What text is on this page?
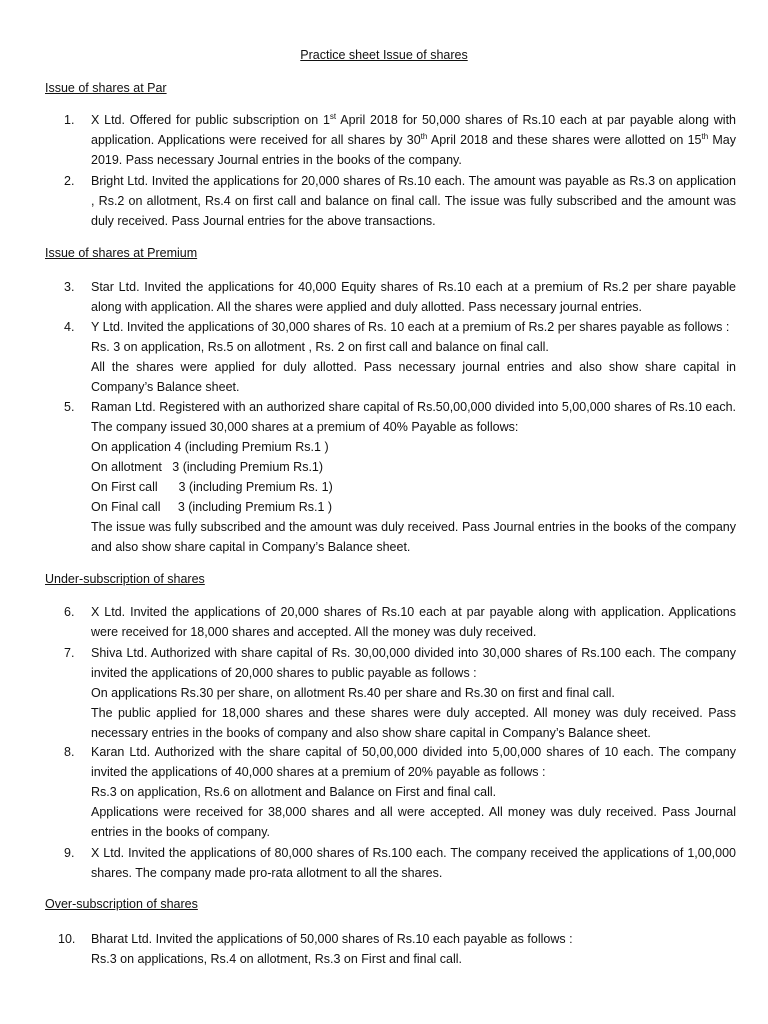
Practice sheet Issue of shares
Issue of shares at Par
1.	X Ltd. Offered for public subscription on 1st April 2018 for 50,000 shares of Rs.10 each at par payable along with application. Applications were received for all shares by 30th April 2018 and these shares were allotted on 15th May 2019. Pass necessary Journal entries in the books of the company.

2.	Bright Ltd. Invited the applications for 20,000 shares of Rs.10 each. The amount was payable as Rs.3 on application , Rs.2 on allotment, Rs.4 on first call and balance on final call. The issue was fully subscribed and the amount was duly received. Pass Journal entries for the above transactions.

Issue of shares at Premium
3.	Star Ltd. Invited the applications for 40,000 Equity shares of Rs.10 each at a premium of Rs.2 per share payable along with application. All the shares were applied and duly allotted. Pass necessary journal entries.

4.	Y Ltd. Invited the applications of 30,000 shares of Rs. 10 each at a premium of Rs.2 per shares payable as follows :

Rs. 3 on application, Rs.5 on allotment , Rs. 2 on first call and balance on final call.

All the shares were applied for duly allotted. Pass necessary journal entries and also show share capital in Company’s Balance sheet.

5.	Raman Ltd. Registered with an authorized share capital of Rs.50,00,000 divided into 5,00,000 shares of Rs.10 each. The company issued 30,000 shares at a premium of 40% Payable as follows:

On application 4 (including Premium Rs.1 )

On allotment   3 (including Premium Rs.1)

On First call      3 (including Premium Rs. 1)

On Final call     3 (including Premium Rs.1 )

The issue was fully subscribed and the amount was duly received. Pass Journal entries in the books of the company and also show share capital in Company’s Balance sheet.

Under-subscription of shares
6.	X Ltd. Invited the applications of 20,000 shares of Rs.10 each at par payable along with application. Applications were received for 18,000 shares and accepted. All the money was duly received.

7.	Shiva Ltd. Authorized with share capital of Rs. 30,00,000 divided into 30,000 shares of Rs.100 each. The company invited the applications of 20,000 shares to public payable as follows :

On applications Rs.30 per share, on allotment Rs.40 per share and Rs.30 on first and final call.

The public applied for 18,000 shares and these shares were duly accepted. All money was duly received. Pass necessary entries in the books of company and also show share capital in Company’s Balance sheet.

8.	Karan Ltd. Authorized with the share capital of 50,00,000 divided into 5,00,000 shares of 10 each. The company invited the applications of 40,000 shares at a premium of 20% payable as follows :

Rs.3 on application, Rs.6 on allotment and Balance on First and final call.

Applications were received for 38,000 shares and all were accepted. All money was duly received. Pass Journal entries in the books of company.

9.	X Ltd. Invited the applications of 80,000 shares of Rs.100 each. The company received the applications of 1,00,000 shares. The company made pro-rata allotment to all the shares.

Over-subscription of shares
10.	Bharat Ltd. Invited the applications of 50,000 shares of Rs.10 each payable as follows :

Rs.3 on applications, Rs.4 on allotment, Rs.3 on First and final call.
